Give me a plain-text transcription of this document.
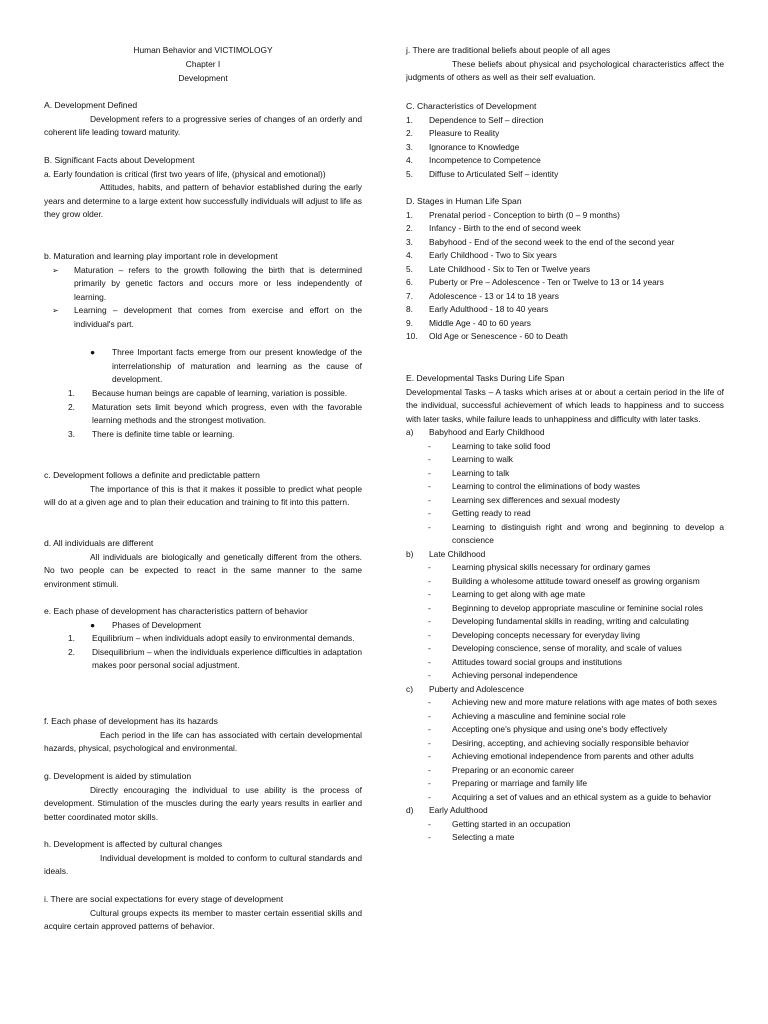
Human Behavior and VICTIMOLOGY
Chapter I
Development
A. Development Defined
Development refers to a progressive series of changes of an orderly and coherent life leading toward maturity.
B. Significant Facts about Development
a. Early foundation is critical (first two years of life, (physical and emotional))
Attitudes, habits, and pattern of behavior established during the early years and determine to a large extent how successfully individuals will adjust to life as they grow older.
b. Maturation and learning play important role in development
➢ Maturation – refers to the growth following the birth that is determined primarily by genetic factors and occurs more or less independently of learning.
➢ Learning – development that comes from exercise and effort on the individual's part.
● Three Important facts emerge from our present knowledge of the interrelationship of maturation and learning as the cause of development.
1. Because human beings are capable of learning, variation is possible.
2. Maturation sets limit beyond which progress, even with the favorable learning methods and the strongest motivation.
3. There is definite time table or learning.
c. Development follows a definite and predictable pattern
The importance of this is that it makes it possible to predict what people will do at a given age and to plan their education and training to fit into this pattern.
d. All individuals are different
All individuals are biologically and genetically different from the others. No two people can be expected to react in the same manner to the same environment stimuli.
e. Each phase of development has characteristics pattern of behavior
● Phases of Development
1. Equilibrium – when individuals adopt easily to environmental demands.
2. Disequilibrium – when the individuals experience difficulties in adaptation makes poor personal social adjustment.
f. Each phase of development has its hazards
Each period in the life can has associated with certain developmental hazards, physical, psychological and environmental.
g. Development is aided by stimulation
Directly encouraging the individual to use ability is the process of development. Stimulation of the muscles during the early years results in earlier and better coordinated motor skills.
h. Development is affected by cultural changes
Individual development is molded to conform to cultural standards and ideals.
i. There are social expectations for every stage of development
Cultural groups expects its member to master certain essential skills and acquire certain approved patterns of behavior.
j. There are traditional beliefs about people of all ages
These beliefs about physical and psychological characteristics affect the judgments of others as well as their self evaluation.
C. Characteristics of Development
1. Dependence to Self – direction
2. Pleasure to Reality
3. Ignorance to Knowledge
4. Incompetence to Competence
5. Diffuse to Articulated Self – identity
D. Stages in Human Life Span
1. Prenatal period - Conception to birth (0 – 9 months)
2. Infancy - Birth to the end of second week
3. Babyhood - End of the second week to the end of the second year
4. Early Childhood - Two to Six years
5. Late Childhood - Six to Ten or Twelve years
6. Puberty or Pre – Adolescence - Ten or Twelve to 13 or 14 years
7. Adolescence - 13 or 14 to 18 years
8. Early Adulthood - 18 to 40 years
9. Middle Age - 40 to 60 years
10. Old Age or Senescence - 60 to Death
E. Developmental Tasks During Life Span
Developmental Tasks – A tasks which arises at or about a certain period in the life of the individual, successful achievement of which leads to happiness and to success with later tasks, while failure leads to unhappiness and difficulty with later tasks.
a) Babyhood and Early Childhood
-	Learning to take solid food
-	Learning to walk
-	Learning to talk
-	Learning to control the eliminations of body wastes
-	Learning sex differences and sexual modesty
-	Getting ready to read
-	Learning to distinguish right and wrong and beginning to develop a conscience
b) Late Childhood
-	Learning physical skills necessary for ordinary games
-	Building a wholesome attitude toward oneself as growing organism
-	Learning to get along with age mate
-	Beginning to develop appropriate masculine or feminine social roles
-	Developing fundamental skills in reading, writing and calculating
-	Developing concepts necessary for everyday living
-	Developing conscience, sense of morality, and scale of values
-	Attitudes toward social groups and institutions
-	Achieving personal independence
c) Puberty and Adolescence
-	Achieving new and more mature relations with age mates of both sexes
-	Achieving a masculine and feminine social role
-	Accepting one's physique and using one's body effectively
-	Desiring, accepting, and achieving socially responsible behavior
-	Achieving emotional independence from parents and other adults
-	Preparing or an economic career
-	Preparing or marriage and family life
-	Acquiring a set of values and an ethical system as a guide to behavior
d) Early Adulthood
-	Getting started in an occupation
-	Selecting a mate
